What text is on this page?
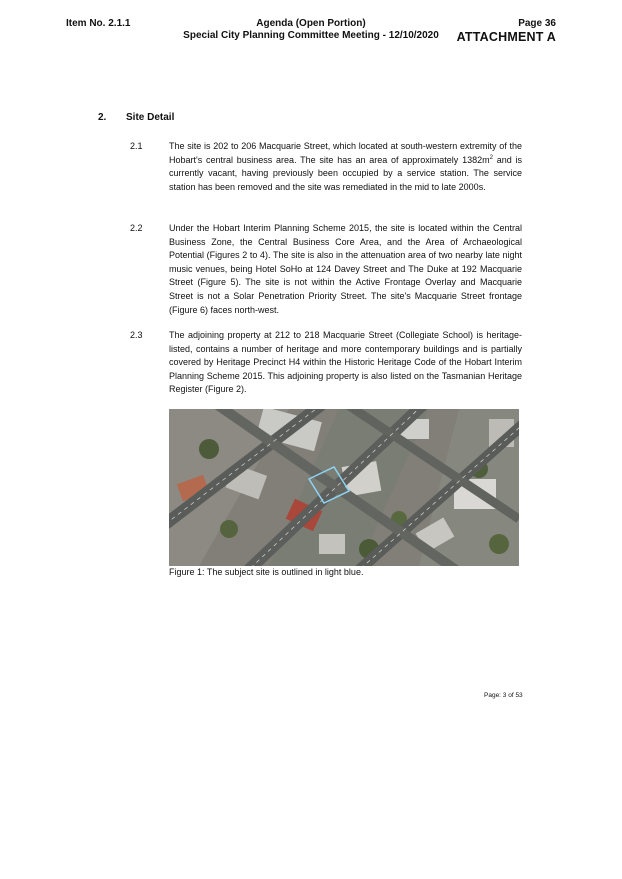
Item No. 2.1.1	Agenda (Open Portion)
Special City Planning Committee Meeting - 12/10/2020
Page 36
ATTACHMENT A
2. Site Detail
2.1	The site is 202 to 206 Macquarie Street, which located at south-western extremity of the Hobart's central business area. The site has an area of approximately $1382m^2$ and is currently vacant, having previously been occupied by a service station. The service station has been removed and the site was remediated in the mid to late 2000s.
2.2	Under the Hobart Interim Planning Scheme 2015, the site is located within the Central Business Zone, the Central Business Core Area, and the Area of Archaeological Potential (Figures 2 to 4). The site is also in the attenuation area of two nearby late night music venues, being Hotel SoHo at 124 Davey Street and The Duke at 192 Macquarie Street (Figure 5). The site is not within the Active Frontage Overlay and Macquarie Street is not a Solar Penetration Priority Street. The site's Macquarie Street frontage (Figure 6) faces north-west.
2.3	The adjoining property at 212 to 218 Macquarie Street (Collegiate School) is heritage-listed, contains a number of heritage and more contemporary buildings and is partially covered by Heritage Precinct H4 within the Historic Heritage Code of the Hobart Interim Planning Scheme 2015. This adjoining property is also listed on the Tasmanian Heritage Register (Figure 2).
Figure 1: The subject site is outlined in light blue.
Page: 3 of 53
